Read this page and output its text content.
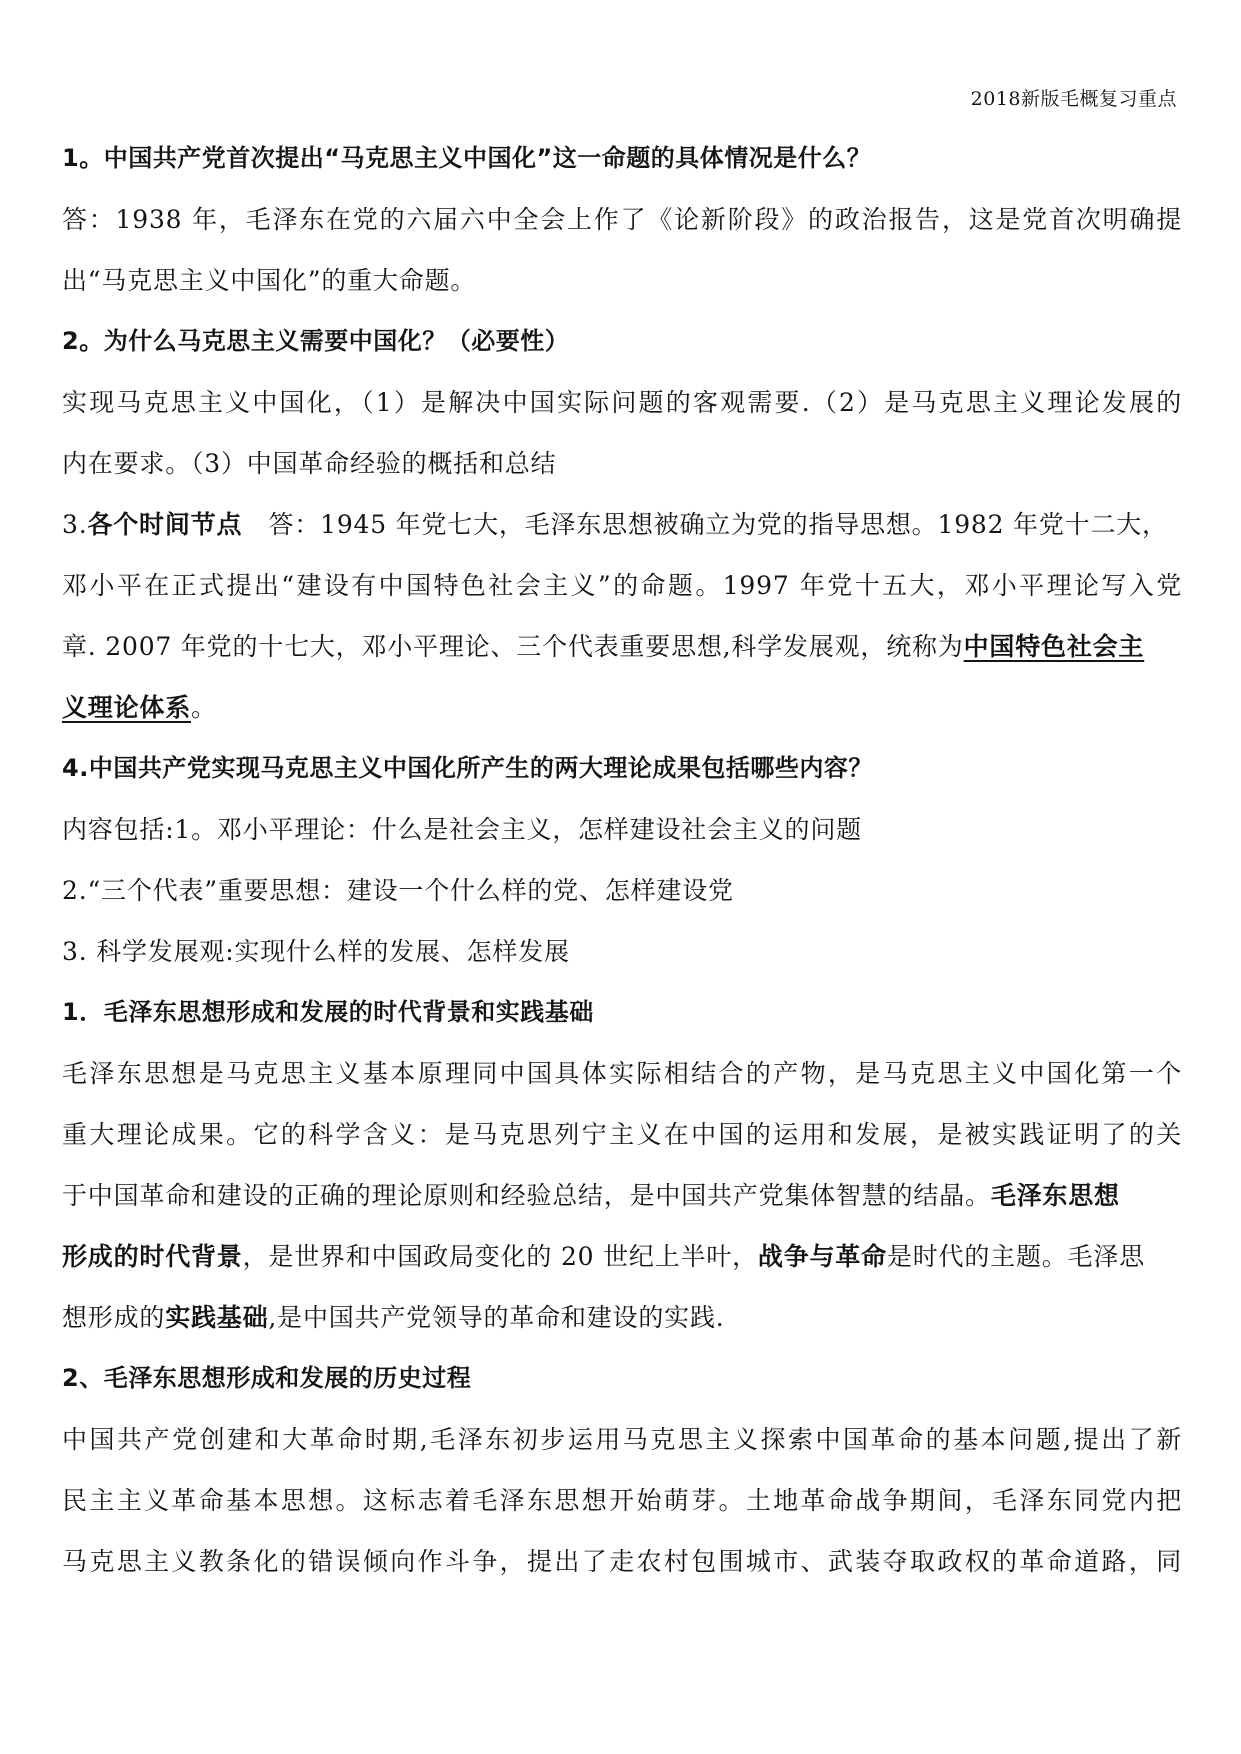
2018新版毛概复习重点
1。中国共产党首次提出“马克思主义中国化”这一命题的具体情况是什么？
答：1938 年，毛泽东在党的六届六中全会上作了《论新阶段》的政治报告，这是党首次明确提
出“马克思主义中国化”的重大命题。
2。为什么马克思主义需要中国化？（必要性）
实现马克思主义中国化，（1）是解决中国实际问题的客观需要.（2）是马克思主义理论发展的
内在要求。（3）中国革命经验的概括和总结
3.各个时间节点 答：1945 年党七大，毛泽东思想被确立为党的指导思想。1982 年党十二大，
邓小平在正式提出“建设有中国特色社会主义”的命题。1997 年党十五大，邓小平理论写入党
章. 2007 年党的十七大，邓小平理论、三个代表重要思想,科学发展观，统称为中国特色社会主
义理论体系。
4.中国共产党实现马克思主义中国化所产生的两大理论成果包括哪些内容？
内容包括:1。邓小平理论：什么是社会主义，怎样建设社会主义的问题
2.“三个代表”重要思想：建设一个什么样的党、怎样建设党
3. 科学发展观:实现什么样的发展、怎样发展
1．毛泽东思想形成和发展的时代背景和实践基础
毛泽东思想是马克思主义基本原理同中国具体实际相结合的产物，是马克思主义中国化第一个
重大理论成果。它的科学含义：是马克思列宁主义在中国的运用和发展，是被实践证明了的关
于中国革命和建设的正确的理论原则和经验总结，是中国共产党集体智慧的结晶。毛泽东思想
形成的时代背景，是世界和中国政局变化的 20 世纪上半叶，战争与革命是时代的主题。毛泽思
想形成的实践基础,是中国共产党领导的革命和建设的实践.
2、毛泽东思想形成和发展的历史过程
中国共产党创建和大革命时期,毛泽东初步运用马克思主义探索中国革命的基本问题,提出了新
民主主义革命基本思想。这标志着毛泽东思想开始萌芽。土地革命战争期间，毛泽东同党内把
马克思主义教条化的错误倾向作斗争，提出了走农村包围城市、武装夺取政权的革命道路，同
